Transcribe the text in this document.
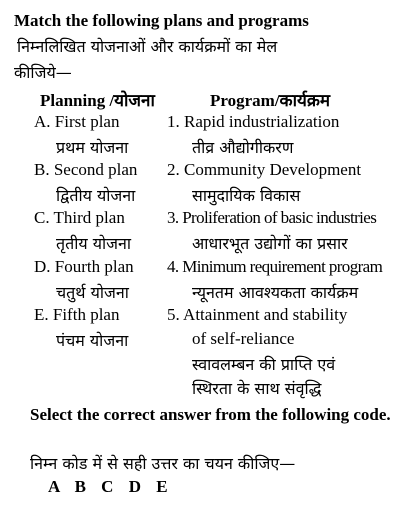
Match the following plans and programs
निम्नलिखित योजनाओं और कार्यक्रमों का मेल
कीजिये—
Planning /योजना	Program/कार्यक्रम
A. First plan
प्रथम योजना
B. Second plan
द्वितीय योजना
C. Third plan
तृतीय योजना
D. Fourth plan
चतुर्थ योजना
E. Fifth plan
पंचम योजना
1. Rapid industrialization
तीव्र औद्योगीकरण
2. Community Development
सामुदायिक विकास
3. Proliferation of basic industries
आधारभूत उद्योगों का प्रसार
4. Minimum requirement program
न्यूनतम आवश्यकता कार्यक्रम
5. Attainment and stability
of self-reliance
स्वावलम्बन की प्राप्ति एवं
स्थिरता के साथ संवृद्धि
Select the correct answer from the following code.
निम्न कोड में से सही उत्तर का चयन कीजिए—
A B C D E
